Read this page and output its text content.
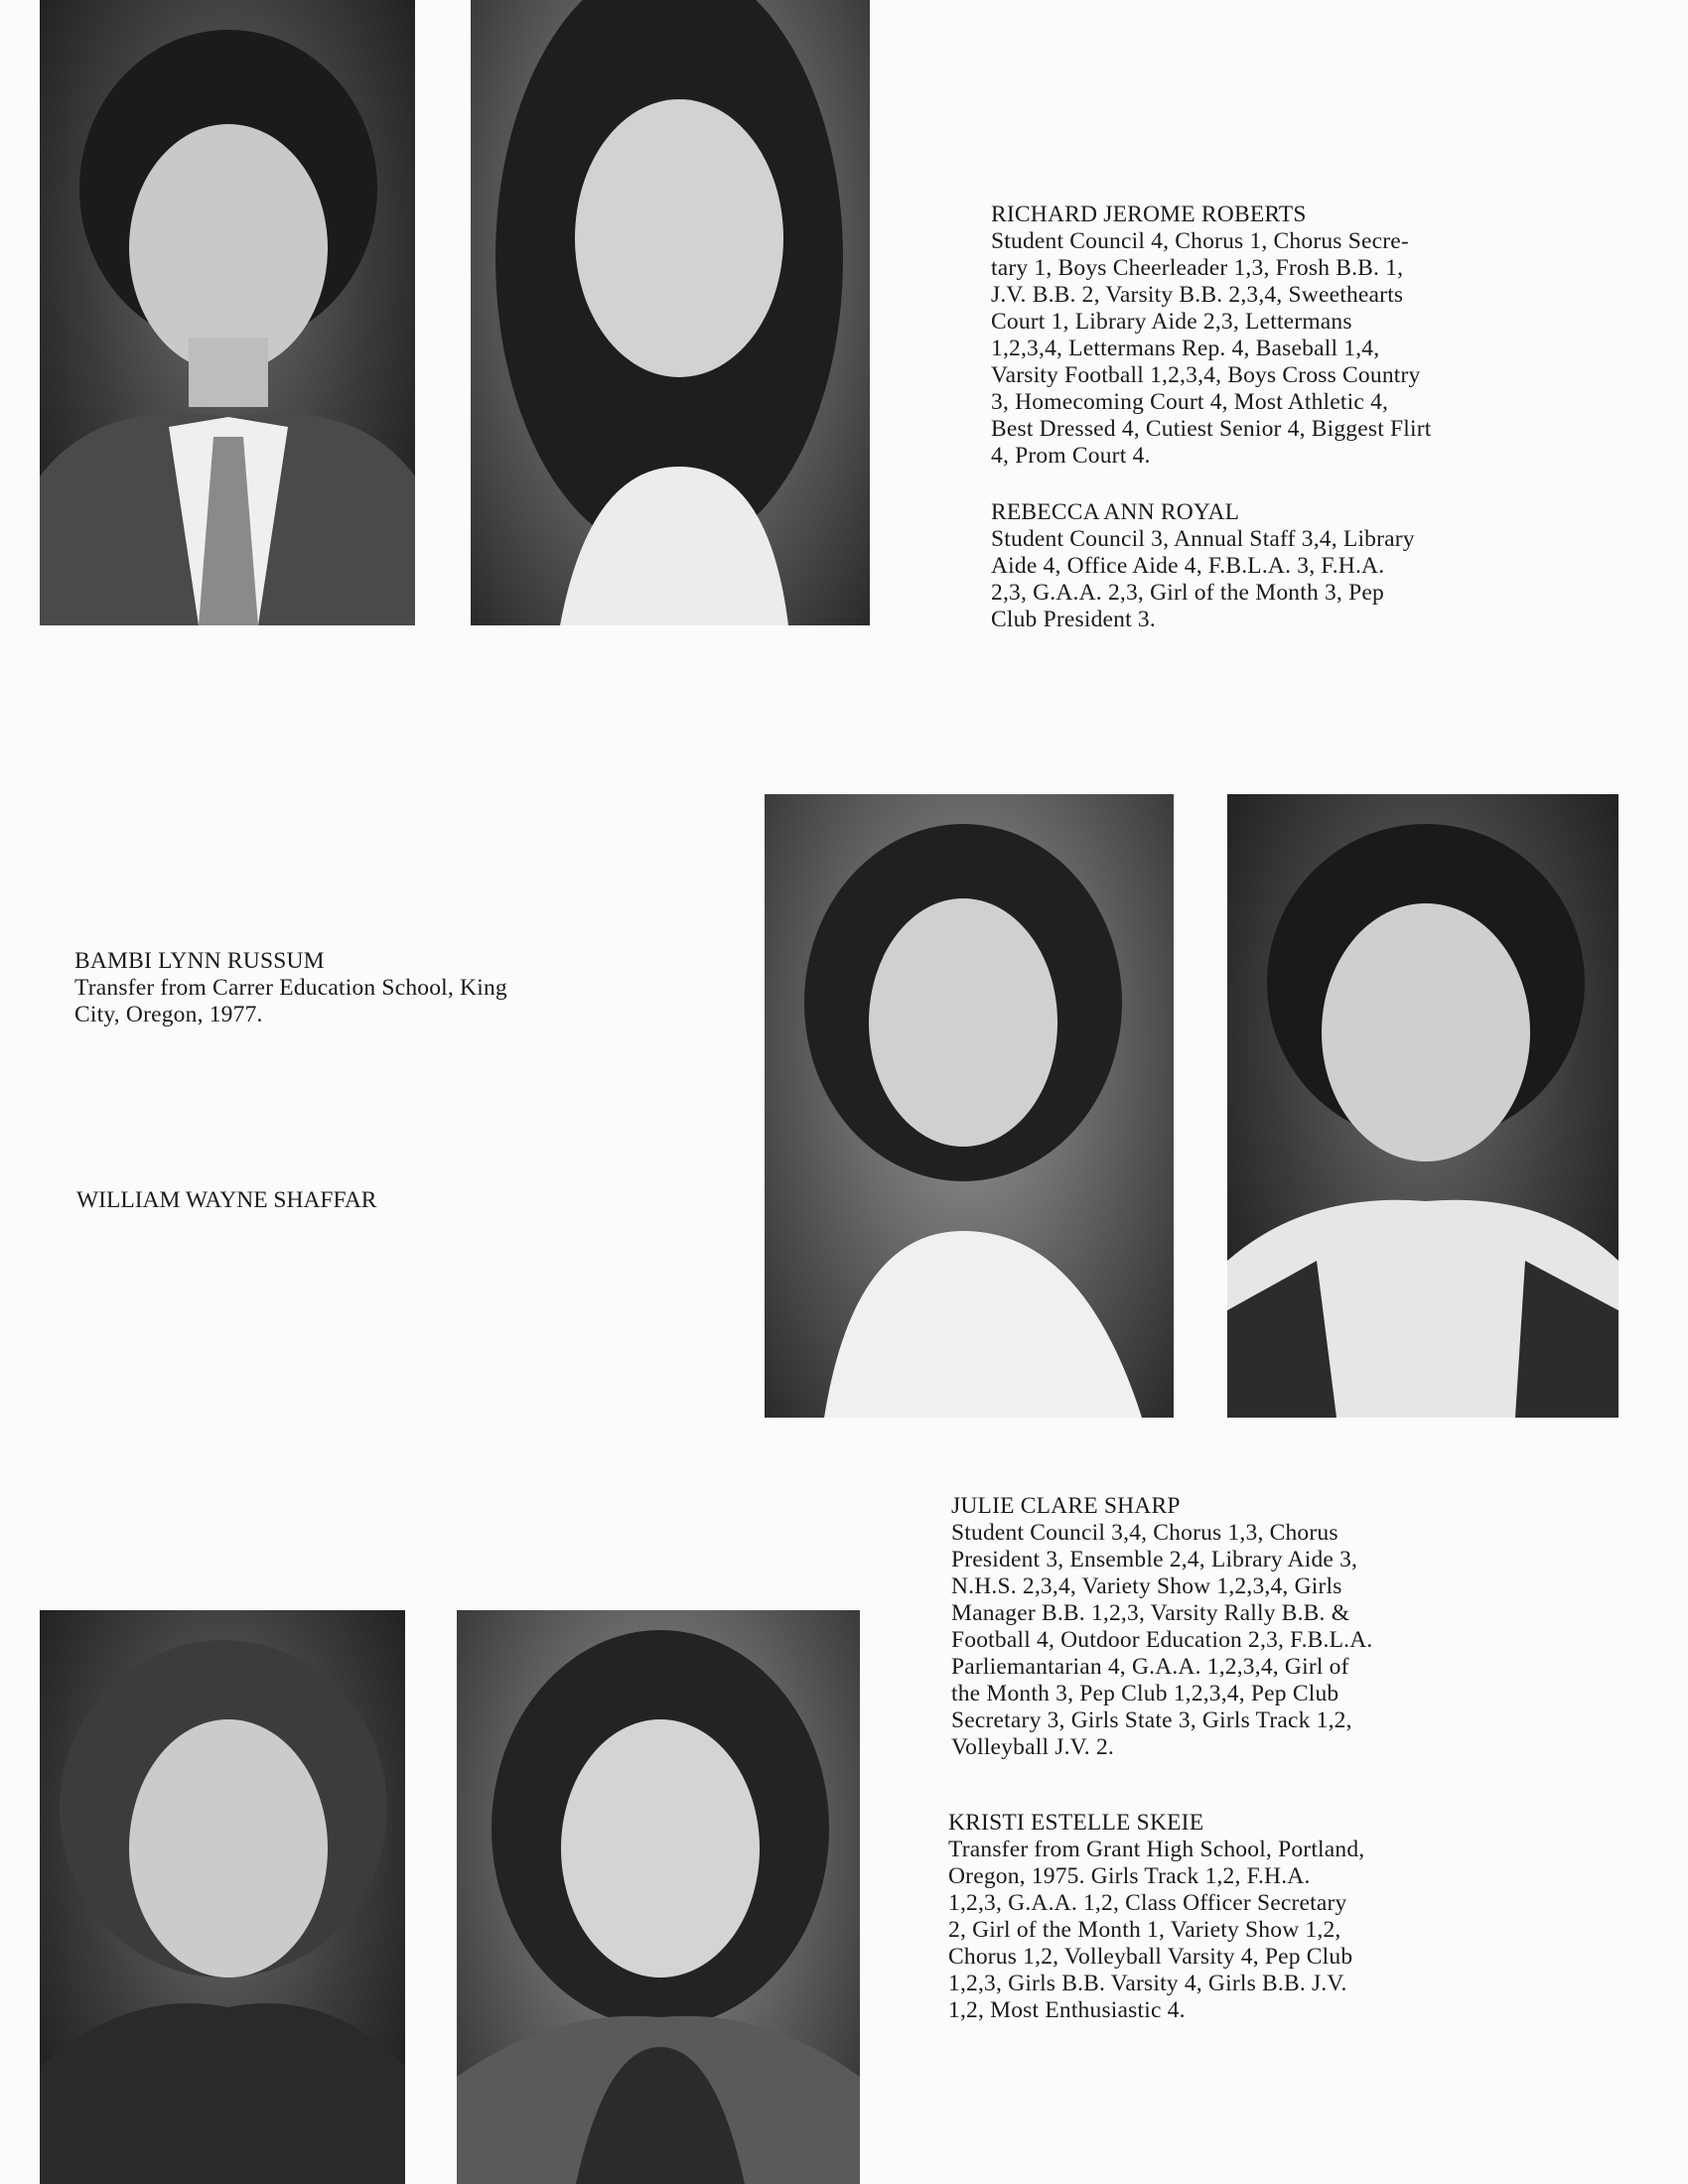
RICHARD JEROME ROBERTS
Student Council 4, Chorus 1, Chorus Secre-
tary 1, Boys Cheerleader 1,3, Frosh B.B. 1,
J.V. B.B. 2, Varsity B.B. 2,3,4, Sweethearts
Court 1, Library Aide 2,3, Lettermans
1,2,3,4, Lettermans Rep. 4, Baseball 1,4,
Varsity Football 1,2,3,4, Boys Cross Country
3, Homecoming Court 4, Most Athletic 4,
Best Dressed 4, Cutiest Senior 4, Biggest Flirt
4, Prom Court 4.
REBECCA ANN ROYAL
Student Council 3, Annual Staff 3,4, Library
Aide 4, Office Aide 4, F.B.L.A. 3, F.H.A.
2,3, G.A.A. 2,3, Girl of the Month 3, Pep
Club President 3.
BAMBI LYNN RUSSUM
Transfer from Carrer Education School, King
City, Oregon, 1977.
WILLIAM WAYNE SHAFFAR
JULIE CLARE SHARP
Student Council 3,4, Chorus 1,3, Chorus
President 3, Ensemble 2,4, Library Aide 3,
N.H.S. 2,3,4, Variety Show 1,2,3,4, Girls
Manager B.B. 1,2,3, Varsity Rally B.B. &
Football 4, Outdoor Education 2,3, F.B.L.A.
Parliemantarian 4, G.A.A. 1,2,3,4, Girl of
the Month 3, Pep Club 1,2,3,4, Pep Club
Secretary 3, Girls State 3, Girls Track 1,2,
Volleyball J.V. 2.
KRISTI ESTELLE SKEIE
Transfer from Grant High School, Portland,
Oregon, 1975. Girls Track 1,2, F.H.A.
1,2,3, G.A.A. 1,2, Class Officer Secretary
2, Girl of the Month 1, Variety Show 1,2,
Chorus 1,2, Volleyball Varsity 4, Pep Club
1,2,3, Girls B.B. Varsity 4, Girls B.B. J.V.
1,2, Most Enthusiastic 4.
